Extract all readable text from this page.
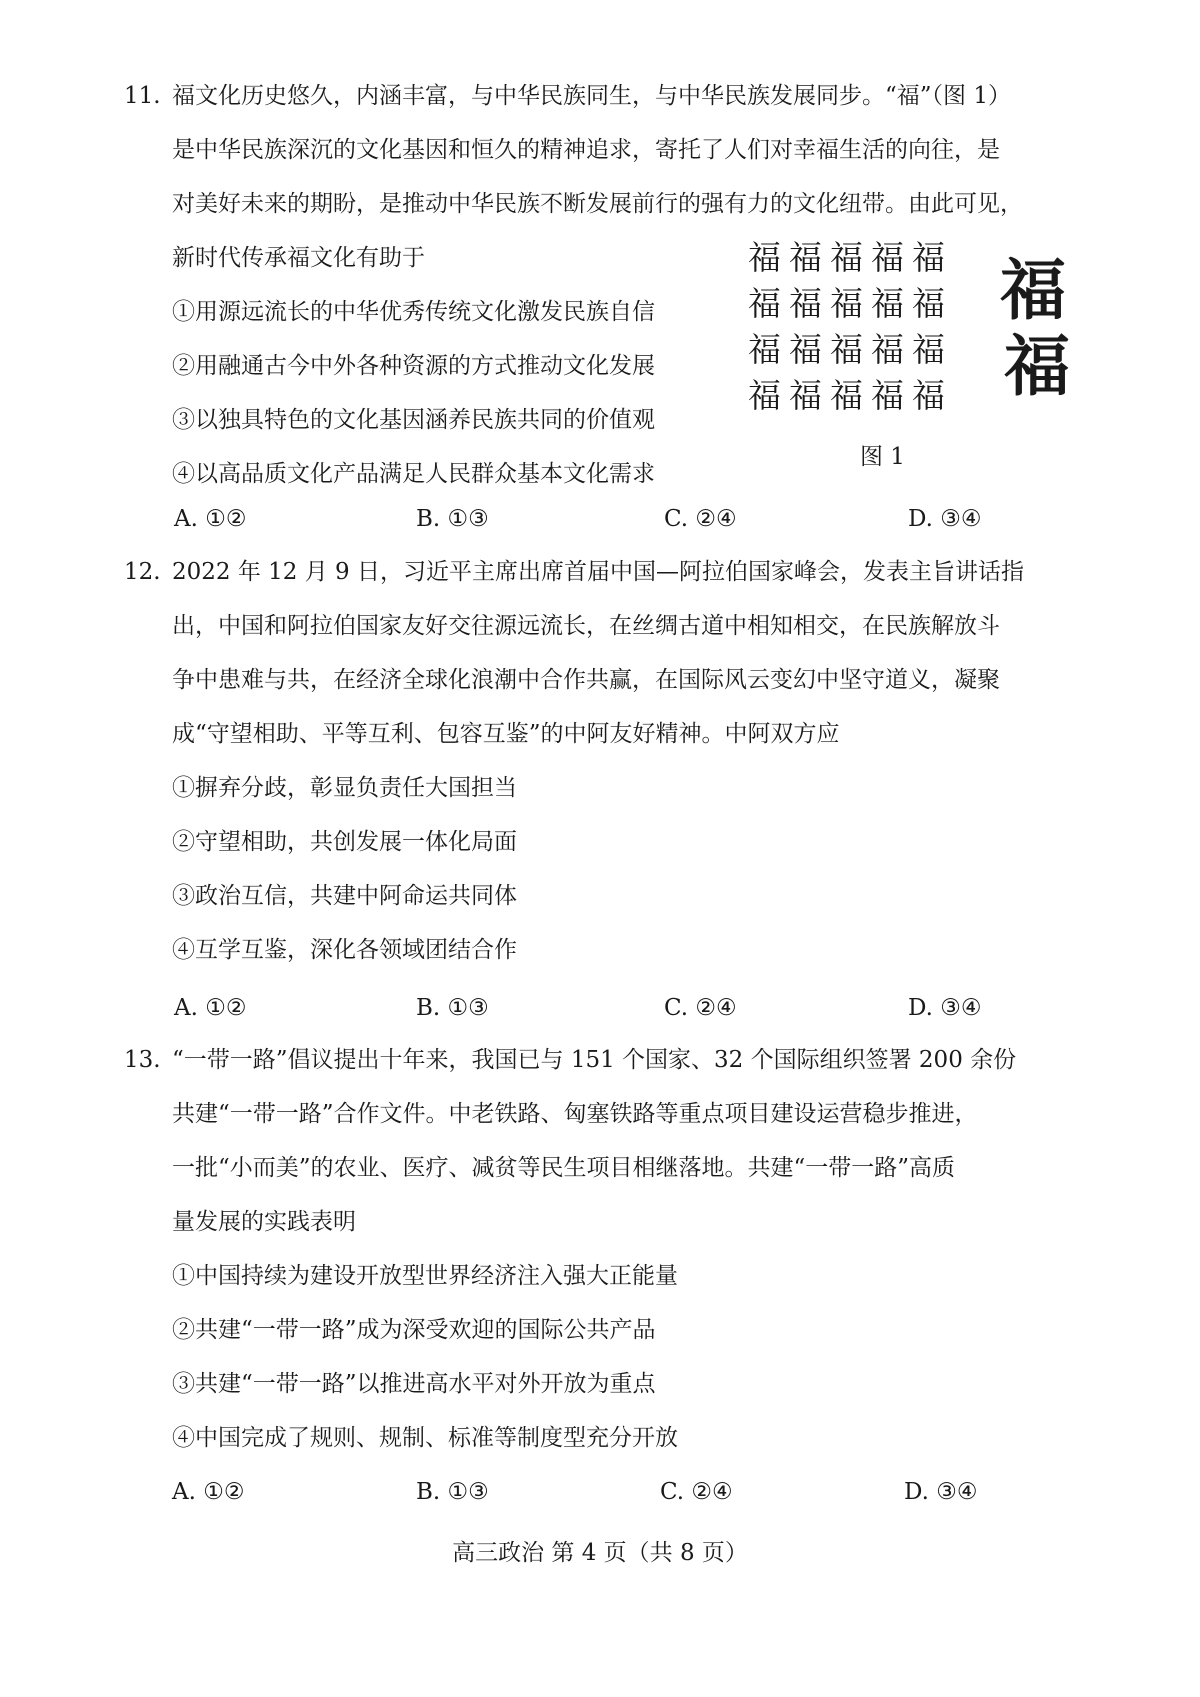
11. 福文化历史悠久，内涵丰富，与中华民族同生，与中华民族发展同步。“福”（图 1）
是中华民族深沉的文化基因和恒久的精神追求，寄托了人们对幸福生活的向往，是
对美好未来的期盼，是推动中华民族不断发展前行的强有力的文化纽带。由此可见，
新时代传承福文化有助于
①用源远流长的中华优秀传统文化激发民族自信
②用融通古今中外各种资源的方式推动文化发展
③以独具特色的文化基因涵养民族共同的价值观
④以高品质文化产品满足人民群众基本文化需求
福福福福福
福福福福福
福福福福福
福福福福福
福
福
图 1
A. ①②	B. ①③	C. ②④	D. ③④
12. 2022 年 12 月 9 日，习近平主席出席首届中国—阿拉伯国家峰会，发表主旨讲话指
出，中国和阿拉伯国家友好交往源远流长，在丝绸古道中相知相交，在民族解放斗
争中患难与共，在经济全球化浪潮中合作共赢，在国际风云变幻中坚守道义，凝聚
成“守望相助、平等互利、包容互鉴”的中阿友好精神。中阿双方应
①摒弃分歧，彰显负责任大国担当
②守望相助，共创发展一体化局面
③政治互信，共建中阿命运共同体
④互学互鉴，深化各领域团结合作
A. ①②	B. ①③	C. ②④	D. ③④
13. “一带一路”倡议提出十年来，我国已与 151 个国家、32 个国际组织签署 200 余份
共建“一带一路”合作文件。中老铁路、匈塞铁路等重点项目建设运营稳步推进，
一批“小而美”的农业、医疗、减贫等民生项目相继落地。共建“一带一路”高质
量发展的实践表明
①中国持续为建设开放型世界经济注入强大正能量
②共建“一带一路”成为深受欢迎的国际公共产品
③共建“一带一路”以推进高水平对外开放为重点
④中国完成了规则、规制、标准等制度型充分开放
A. ①②	B. ①③	C. ②④	D. ③④
高三政治 第 4 页（共 8 页）
